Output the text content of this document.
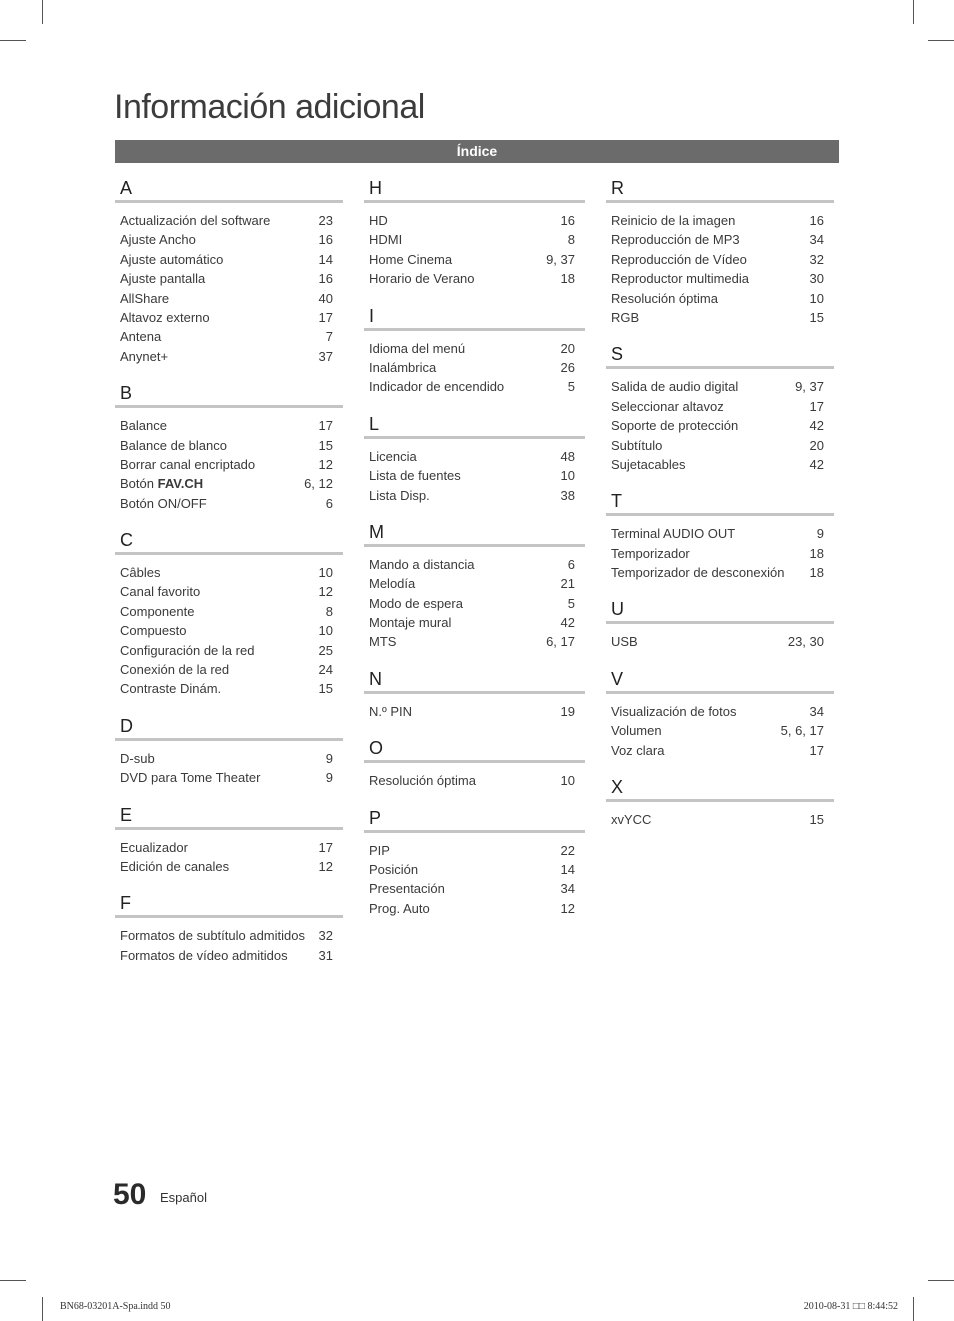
Información adicional
Índice
A
Actualización del software	23
Ajuste Ancho	16
Ajuste automático	14
Ajuste pantalla	16
AllShare	40
Altavoz externo	17
Antena	7
Anynet+	37
B
Balance	17
Balance de blanco	15
Borrar canal encriptado	12
Botón FAV.CH	6, 12
Botón ON/OFF	6
C
Câbles	10
Canal favorito	12
Componente	8
Compuesto	10
Configuración de la red	25
Conexión de la red	24
Contraste Dinám.	15
D
D-sub	9
DVD para Tome Theater	9
E
Ecualizador	17
Edición de canales	12
F
Formatos de subtítulo admitidos 32
Formatos de vídeo admitidos 31
H
HD	16
HDMI	8
Home Cinema	9, 37
Horario de Verano	18
I
Idioma del menú	20
Inalámbrica	26
Indicador de encendido	5
L
Licencia	48
Lista de fuentes	10
Lista Disp.	38
M
Mando a distancia	6
Melodía	21
Modo de espera	5
Montaje mural	42
MTS	6, 17
N
N.º PIN	19
O
Resolución óptima	10
P
PIP	22
Posición	14
Presentación	34
Prog. Auto	12
R
Reinicio de la imagen	16
Reproducción de MP3	34
Reproducción de Vídeo	32
Reproductor multimedia	30
Resolución óptima	10
RGB	15
S
Salida de audio digital	9, 37
Seleccionar altavoz	17
Soporte de protección	42
Subtítulo	20
Sujetacables	42
T
Terminal AUDIO OUT	9
Temporizador	18
Temporizador de desconexión 18
U
USB	23, 30
V
Visualización de fotos	34
Volumen	5, 6, 17
Voz clara	17
X
xvYCC	15
50 Español
BN68-03201A-Spa.indd 50	2010-08-31 □□ 8:44:52
